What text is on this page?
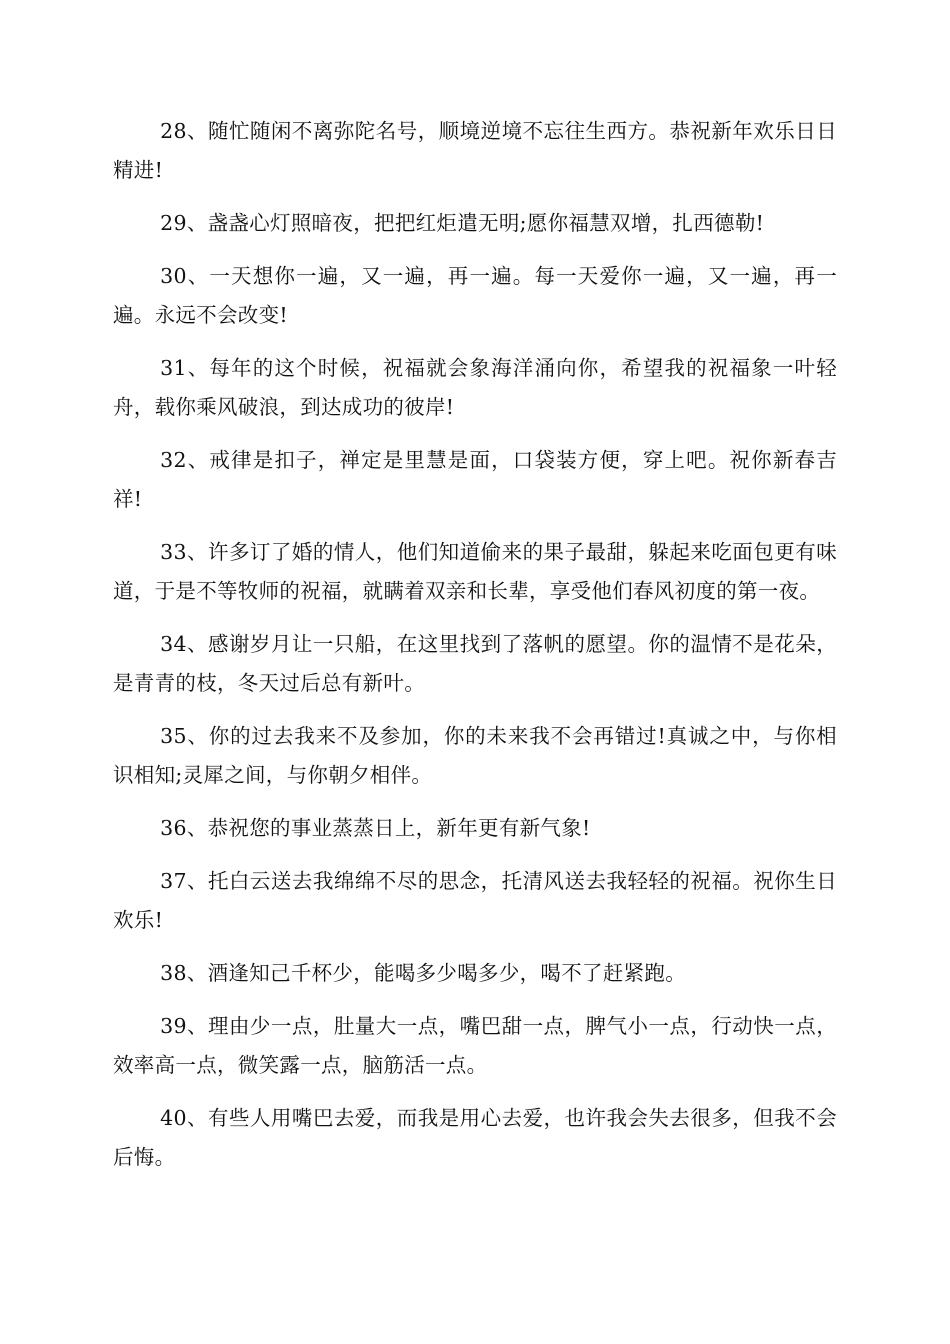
28、随忙随闲不离弥陀名号，顺境逆境不忘往生西方。恭祝新年欢乐日日精进!

29、盏盏心灯照暗夜，把把红炬遣无明;愿你福慧双增，扎西德勒!

30、一天想你一遍，又一遍，再一遍。每一天爱你一遍，又一遍，再一遍。永远不会改变!

31、每年的这个时候，祝福就会象海洋涌向你，希望我的祝福象一叶轻舟，载你乘风破浪，到达成功的彼岸!

32、戒律是扣子，禅定是里慧是面，口袋装方便，穿上吧。祝你新春吉祥!

33、许多订了婚的情人，他们知道偷来的果子最甜，躲起来吃面包更有味道，于是不等牧师的祝福，就瞒着双亲和长辈，享受他们春风初度的第一夜。

34、感谢岁月让一只船，在这里找到了落帆的愿望。你的温情不是花朵，是青青的枝，冬天过后总有新叶。

35、你的过去我来不及参加，你的未来我不会再错过!真诚之中，与你相识相知;灵犀之间，与你朝夕相伴。

36、恭祝您的事业蒸蒸日上，新年更有新气象!

37、托白云送去我绵绵不尽的思念，托清风送去我轻轻的祝福。祝你生日欢乐!

38、酒逢知己千杯少，能喝多少喝多少，喝不了赶紧跑。

39、理由少一点，肚量大一点，嘴巴甜一点，脾气小一点，行动快一点，效率高一点，微笑露一点，脑筋活一点。

40、有些人用嘴巴去爱，而我是用心去爱，也许我会失去很多，但我不会后悔。
